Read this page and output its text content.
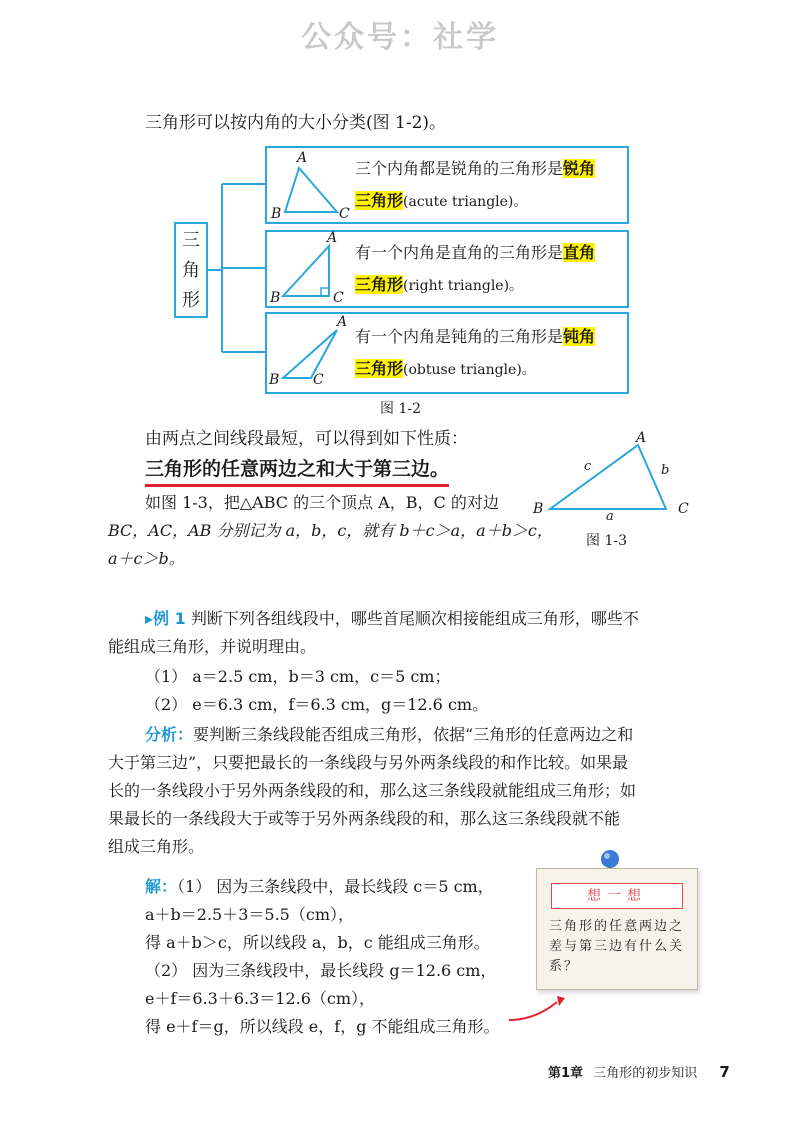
公众号：社学
三角形可以按内角的大小分类(图 1-2)。
三
角
形
A
B	C
三个内角都是锐角的三角形是锐角
三角形(acute triangle)。
A
B	C
有一个内角是直角的三角形是直角
三角形(right triangle)。
A
B C
有一个内角是钝角的三角形是钝角
三角形(obtuse triangle)。
图 1-2
由两点之间线段最短，可以得到如下性质：
三角形的任意两边之和大于第三边。
如图 1-3，把△ABC 的三个顶点 A，B，C 的对边
BC，AC，AB 分别记为 a，b，c，就有 b＋c＞a，a＋b＞c，
a＋c＞b。
A
B	C
c	b
a
图 1-3
▸例 1 判断下列各组线段中，哪些首尾顺次相接能组成三角形，哪些不
能组成三角形，并说明理由。
（1） a＝2.5 cm，b＝3 cm，c＝5 cm；
（2） e＝6.3 cm，f＝6.3 cm，g＝12.6 cm。
分析：要判断三条线段能否组成三角形，依据“三角形的任意两边之和
大于第三边”，只要把最长的一条线段与另外两条线段的和作比较。如果最
长的一条线段小于另外两条线段的和，那么这三条线段就能组成三角形；如
果最长的一条线段大于或等于另外两条线段的和，那么这三条线段就不能
组成三角形。
解：（1） 因为三条线段中，最长线段 c＝5 cm，
a＋b＝2.5＋3＝5.5（cm），
得 a＋b＞c，所以线段 a，b，c 能组成三角形。
（2） 因为三条线段中，最长线段 g＝12.6 cm，
e＋f＝6.3＋6.3＝12.6（cm），
得 e＋f＝g，所以线段 e，f，g 不能组成三角形。
想一想
三角形的任意两边之差与第三边有什么关系？
第1章 三角形的初步知识 7
